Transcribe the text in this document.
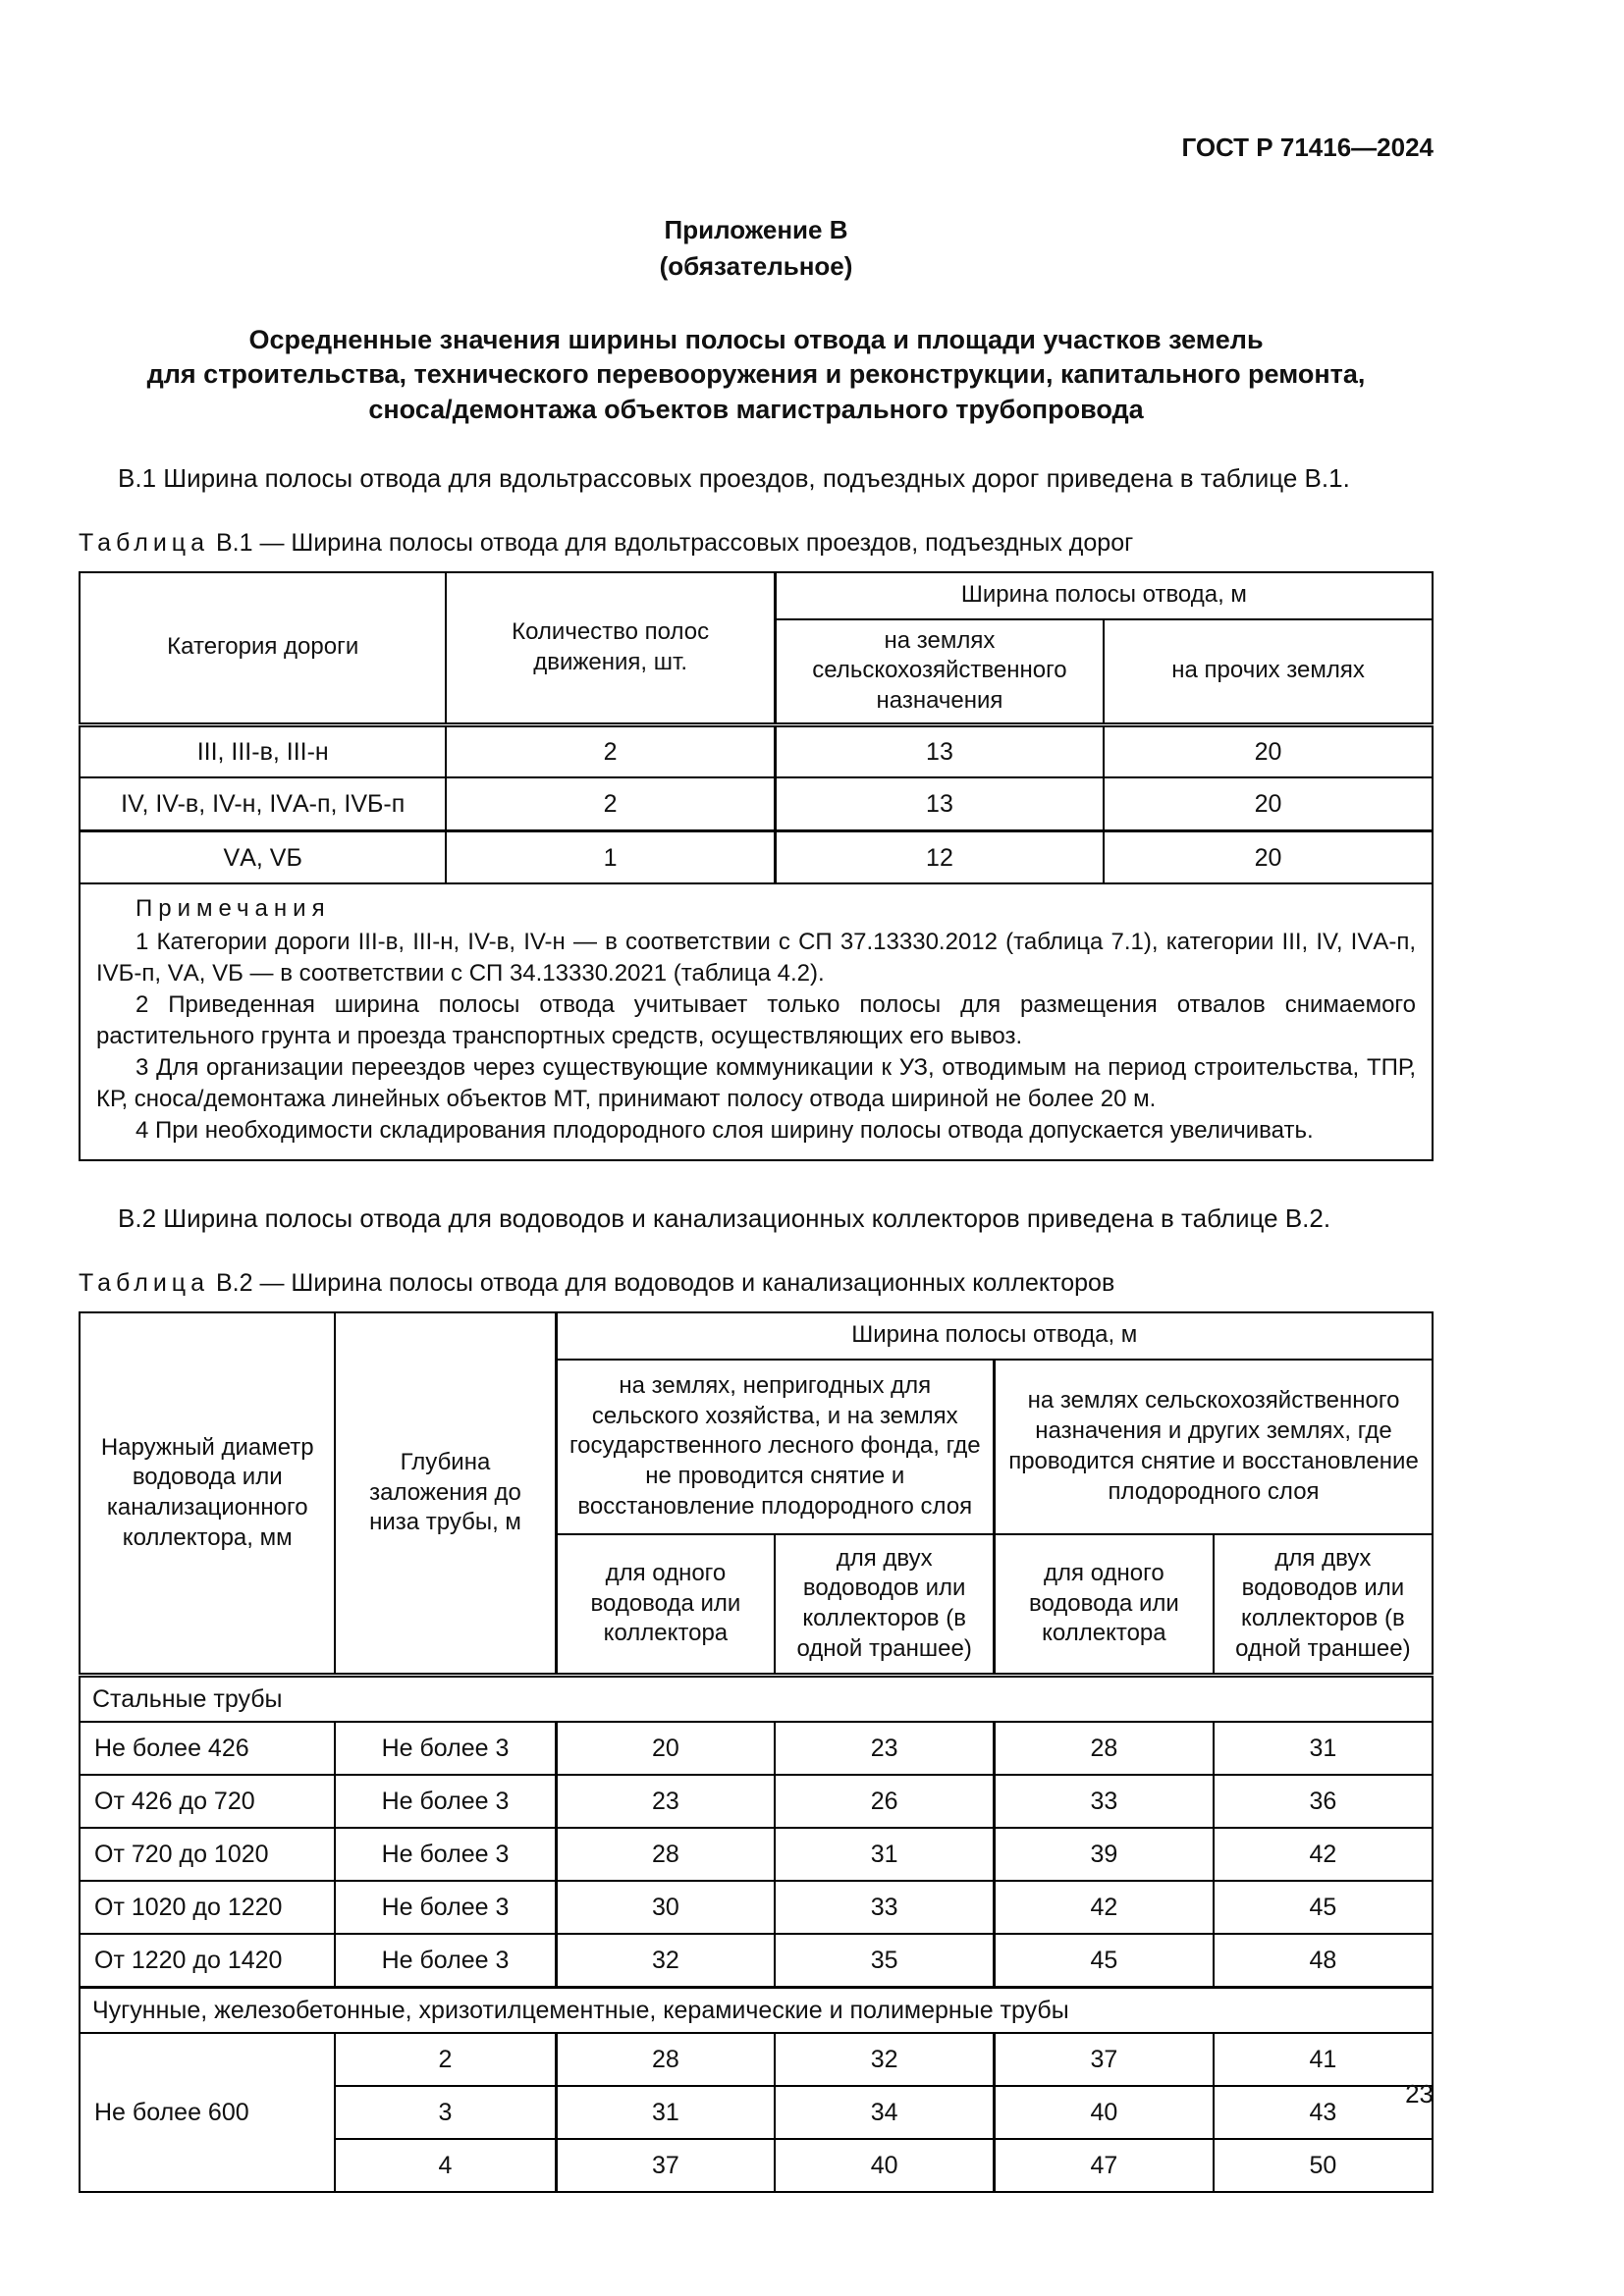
ГОСТ Р 71416—2024
Приложение В
(обязательное)
Осредненные значения ширины полосы отвода и площади участков земель
для строительства, технического перевооружения и реконструкции, капитального ремонта,
сноса/демонтажа объектов магистрального трубопровода
В.1 Ширина полосы отвода для вдольтрассовых проездов, подъездных дорог приведена в таблице В.1.
Таблица В.1 — Ширина полосы отвода для вдольтрассовых проездов, подъездных дорог
Категория дороги	Количество полос движения, шт.	Ширина полосы отвода, м	
		на землях сельскохозяйственного назначения	на прочих землях
III, III-в, III-н	2	13	20
IV, IV-в, IV-н, IVА-п, IVБ-п	2	13	20
VА, VБ	1	12	20

Примечания

1 Категории дороги III-в, III-н, IV-в, IV-н — в соответствии с СП 37.13330.2012 (таблица 7.1), категории III, IV, IVА-п, IVБ-п, VА, VБ — в соответствии с СП 34.13330.2021 (таблица 4.2).

2 Приведенная ширина полосы отвода учитывает только полосы для размещения отвалов снимаемого растительного грунта и проезда транспортных средств, осуществляющих его вывоз.

3 Для организации переездов через существующие коммуникации к УЗ, отводимым на период строительства, ТПР, КР, сноса/демонтажа линейных объектов МТ, принимают полосу отвода шириной не более 20 м.

4 При необходимости складирования плодородного слоя ширину полосы отвода допускается увеличивать.			

В.2 Ширина полосы отвода для водоводов и канализационных коллекторов приведена в таблице В.2.
Таблица В.2 — Ширина полосы отвода для водоводов и канализационных коллекторов
Наружный диаметр водовода или канализационного коллектора, мм	Глубина заложения до низа трубы, м	Ширина полосы отвода, м			
		на землях, непригодных для сельского хозяйства, и на землях государственного лесного фонда, где не проводится снятие и восстановление плодородного слоя		на землях сельскохозяйственного назначения и других землях, где проводится снятие и восстановление плодородного слоя	
		для одного водовода или коллектора	для двух водоводов или коллекторов (в одной траншее)	для одного водовода или коллектора	для двух водоводов или коллекторов (в одной траншее)
Стальные трубы					
Не более 426	Не более 3	20	23	28	31
От 426 до 720	Не более 3	23	26	33	36
От 720 до 1020	Не более 3	28	31	39	42
От 1020 до 1220	Не более 3	30	33	42	45
От 1220 до 1420	Не более 3	32	35	45	48
Чугунные, железобетонные, хризотилцементные, керамические и полимерные трубы					
Не более 600	2	28	32	37	41
	3	31	34	40	43
	4	37	40	47	50
23
